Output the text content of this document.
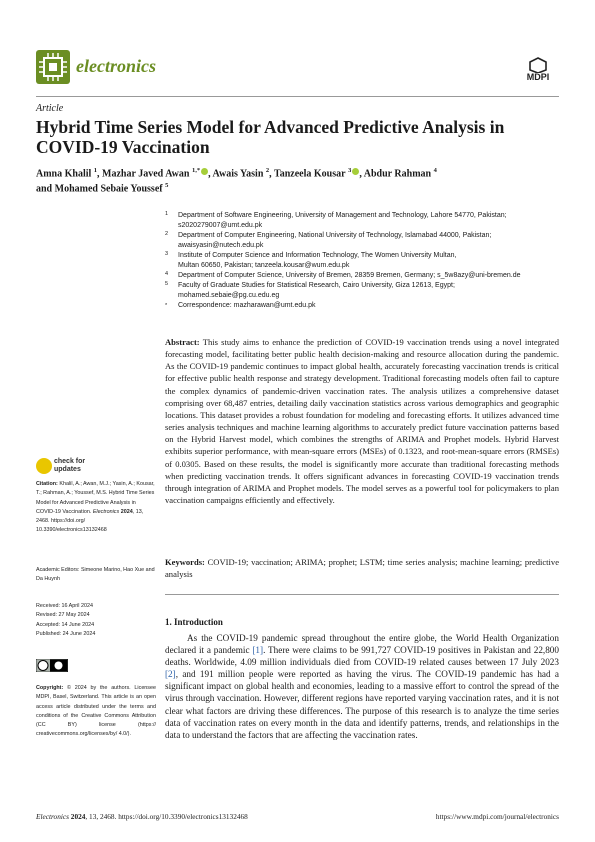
electronics
MDPI
Article
Hybrid Time Series Model for Advanced Predictive Analysis in COVID-19 Vaccination
Amna Khalil $^1$, Mazhar Javed Awan $^{1,*}$ , Awais Yasin $^2$, Tanzeela Kousar $^3$ , Abdur Rahman $^4$
and Mohamed Sebaie Youssef $^5$
1 Department of Software Engineering, University of Management and Technology, Lahore 54770, Pakistan;
s2020279007@umt.edu.pk
2 Department of Computer Engineering, National University of Technology, Islamabad 44000, Pakistan;
awaisyasin@nutech.edu.pk
3 Institute of Computer Science and Information Technology, The Women University Multan,
Multan 60650, Pakistan; tanzeela.kousar@wum.edu.pk
4 Department of Computer Science, University of Bremen, 28359 Bremen, Germany; s_5w8azy@uni-bremen.de
5 Faculty of Graduate Studies for Statistical Research, Cairo University, Giza 12613, Egypt;
mohamed.sebaie@pg.cu.edu.eg
* Correspondence: mazharawan@umt.edu.pk
Abstract: This study aims to enhance the prediction of COVID-19 vaccination trends using a novel integrated forecasting model, facilitating better public health decision-making and resource allocation during the pandemic. As the COVID-19 pandemic continues to impact global health, accurately forecasting vaccination trends is critical for effective public health response and strategy development. Traditional forecasting models often fail to capture the complex dynamics of pandemic-driven vaccination rates. The analysis utilizes a comprehensive dataset comprising over 68,487 entries, detailing daily vaccination statistics across various demographics and geographic locations. This dataset provides a robust foundation for modeling and forecasting efforts. It utilizes advanced time series analysis techniques and machine learning algorithms to accurately predict future vaccination patterns based on the Hybrid Harvest model, which combines the strengths of ARIMA and Prophet models. Hybrid Harvest exhibits superior performance, with mean-square errors (MSEs) of 0.1323, and root-mean-square errors (RMSEs) of 0.0305. Based on these results, the model is significantly more accurate than traditional forecasting methods when predicting vaccination trends. It offers significant advances in forecasting COVID-19 vaccination trends through integration of ARIMA and Prophet models. The model serves as a powerful tool for policymakers to plan vaccination campaigns efficiently and effectively.
Keywords: COVID-19; vaccination; ARIMA; prophet; LSTM; time series analysis; machine learning; predictive analysis
1. Introduction
As the COVID-19 pandemic spread throughout the entire globe, the World Health Organization declared it a pandemic [1]. There were claims to be 991,727 COVID-19 positives in Pakistan and 22,800 deaths. Worldwide, 4.09 million individuals died from COVID-19 related causes between 17 July 2023 [2], and 191 million people were reported as having the virus. The COVID-19 pandemic has had a significant impact on global health and economies, leading to a massive effort to control the spread of the virus through vaccination. However, different regions have reported varying vaccination rates, and it is not clear what factors are driving these differences. The purpose of this research is to analyze the time series data of vaccination rates on every month in the data and identify patterns, trends, and relationships in the data to understand the factors that are affecting the vaccination rates.
check for
updates
Citation: Khalil, A.; Awan, M.J.; Yasin, A.; Kousar, T.; Rahman, A.; Youssef, M.S. Hybrid Time Series Model for Advanced Predictive Analysis in COVID-19 Vaccination. Electronics 2024, 13, 2468. https://doi.org/ 10.3390/electronics13132468
Academic Editors: Simeone Marino, Hao Xue and Da Huynh
Received: 16 April 2024
Revised: 27 May 2024
Accepted: 14 June 2024
Published: 24 June 2024
Copyright: © 2024 by the authors. Licensee MDPI, Basel, Switzerland. This article is an open access article distributed under the terms and conditions of the Creative Commons Attribution (CC BY) license (https:// creativecommons.org/licenses/by/ 4.0/).
Electronics 2024, 13, 2468. https://doi.org/10.3390/electronics13132468	https://www.mdpi.com/journal/electronics
